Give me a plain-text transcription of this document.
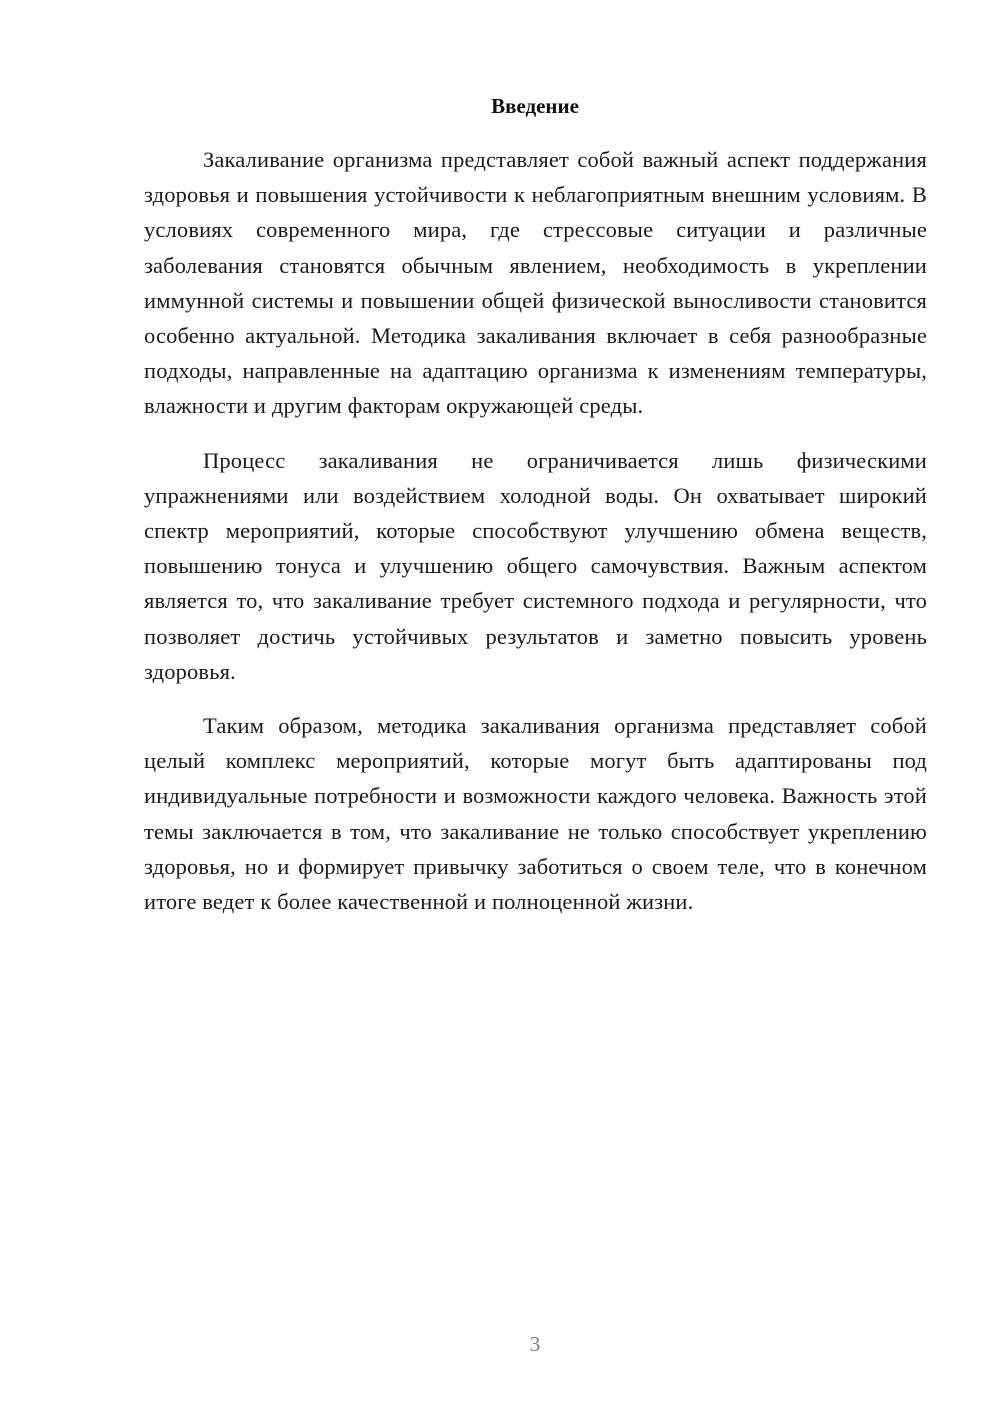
Введение

Закаливание организма представляет собой важный аспект поддержания здоровья и повышения устойчивости к неблагоприятным внешним условиям. В условиях современного мира, где стрессовые ситуации и различные заболевания становятся обычным явлением, необходимость в укреплении иммунной системы и повышении общей физической выносливости становится особенно актуальной. Методика закаливания включает в себя разнообразные подходы, направленные на адаптацию организма к изменениям температуры, влажности и другим факторам окружающей среды.

Процесс закаливания не ограничивается лишь физическими упражнениями или воздействием холодной воды. Он охватывает широкий спектр мероприятий, которые способствуют улучшению обмена веществ, повышению тонуса и улучшению общего самочувствия. Важным аспектом является то, что закаливание требует системного подхода и регулярности, что позволяет достичь устойчивых результатов и заметно повысить уровень здоровья.

Таким образом, методика закаливания организма представляет собой целый комплекс мероприятий, которые могут быть адаптированы под индивидуальные потребности и возможности каждого человека. Важность этой темы заключается в том, что закаливание не только способствует укреплению здоровья, но и формирует привычку заботиться о своем теле, что в конечном итоге ведет к более качественной и полноценной жизни.

3
